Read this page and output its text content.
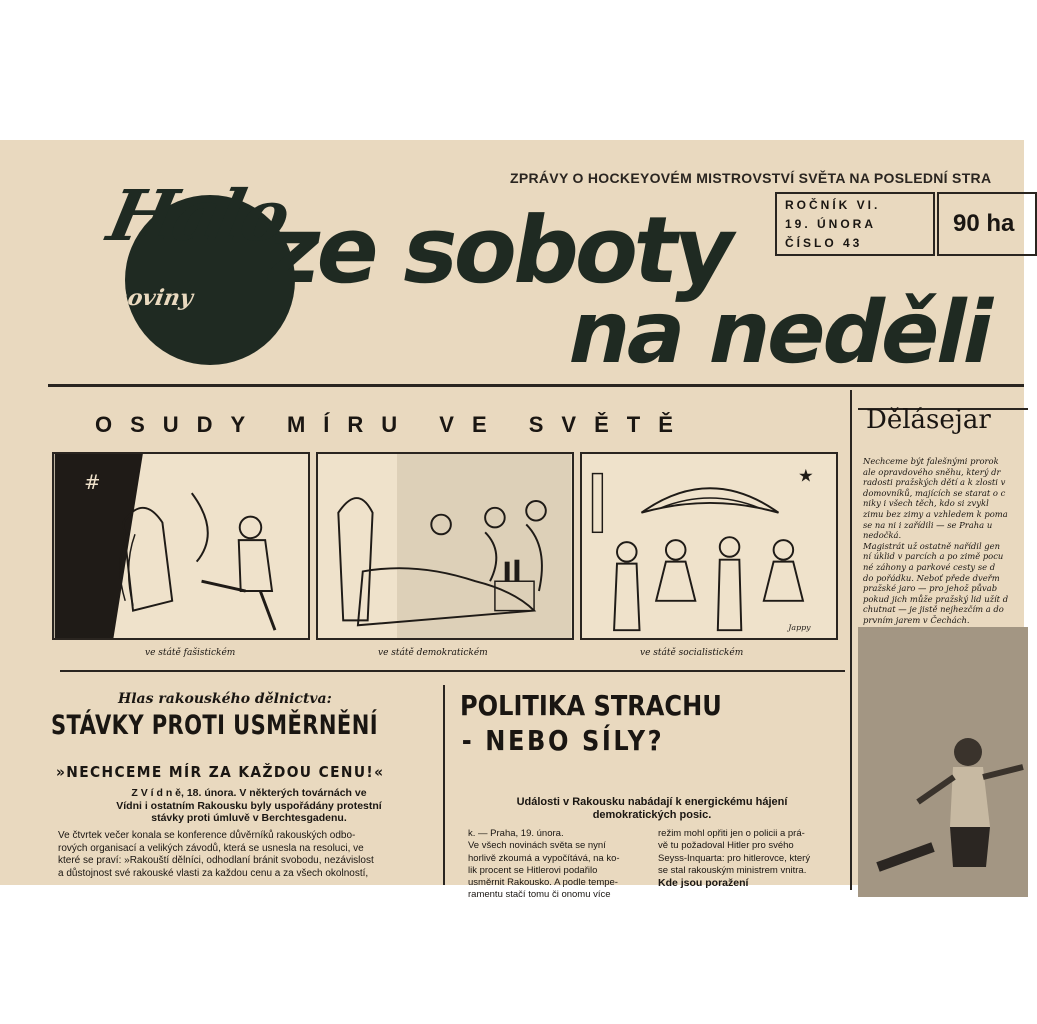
ZPRÁVY O HOCKEYOVÉM MISTROVSTVÍ SVĚTA NA POSLEDNÍ STRA
Halo
noviny ze soboty
na neděli
ROČNÍK VI.
19. ÚNORA
ČÍSLO 43
90 ha
OSUDY MÍRU VE SVĚTĚ
#	★
Jappy
ve státě fašistickém	ve státě demokratickém	ve státě socialistickém
Dělásejar
Nechceme být falešnými prorok
ale opravdového sněhu, který dr
radosti pražských dětí a k zlosti v
domovníků, majících se starat o c
niky i všech těch, kdo si zvykl
zimu bez zimy a vzhledem k poma
se na ni i zařídili — se Praha u
nedočká.
Magistrát už ostatně nařídil gen
ní úklid v parcích a po zimě pocu
né záhony a parkové cesty se d
do pořádku. Neboť předе dveřm
pražské jaro — pro jehož půvab
pokud jich může pražský lid užít d
chutnat — je jistě nejhezčím a do
prvním jarem v Čechách.
Hlas rakouského dělnictva:
STÁVKY PROTI USMĚRNĚNÍ
»NECHCEME MÍR ZA KAŽDOU CENU!«
Z V í d n ě, 18. února. V některých továrnách ve
Vídni i ostatním Rakousku byly uspořádány protestní
stávky proti úmluvě v Berchtesgadenu.
Ve čtvrtek večer konala se konference důvěrníků rakouských odbo-
rových organisací a velikých závodů, která se usnesla na resoluci, ve
které se praví: »Rakouští dělníci, odhodlaní bránit svobodu, nezávislost
a důstojnost své rakouské vlasti za každou cenu a za všech okolností,
POLITIKA STRACHU
- NEBO SÍLY?
Události v Rakousku nabádají k energickému hájení
demokratických posic.
k. — Praha, 19. února.
Ve všech novinách světa se nyní
horlivě zkoumá a vypočítává, na ko-
lik procent se Hitlerovi podařilo
usměrnit Rakousko. A podle tempe-
ramentu stačí tomu či onomu více
režim mohl opřiti jen o policii a prá-
vě tu požadoval Hitler pro svého
Seyss-Inquarta: pro hitlerovce, který
se stal rakouským ministrem vnitra.
Kde jsou poražení
